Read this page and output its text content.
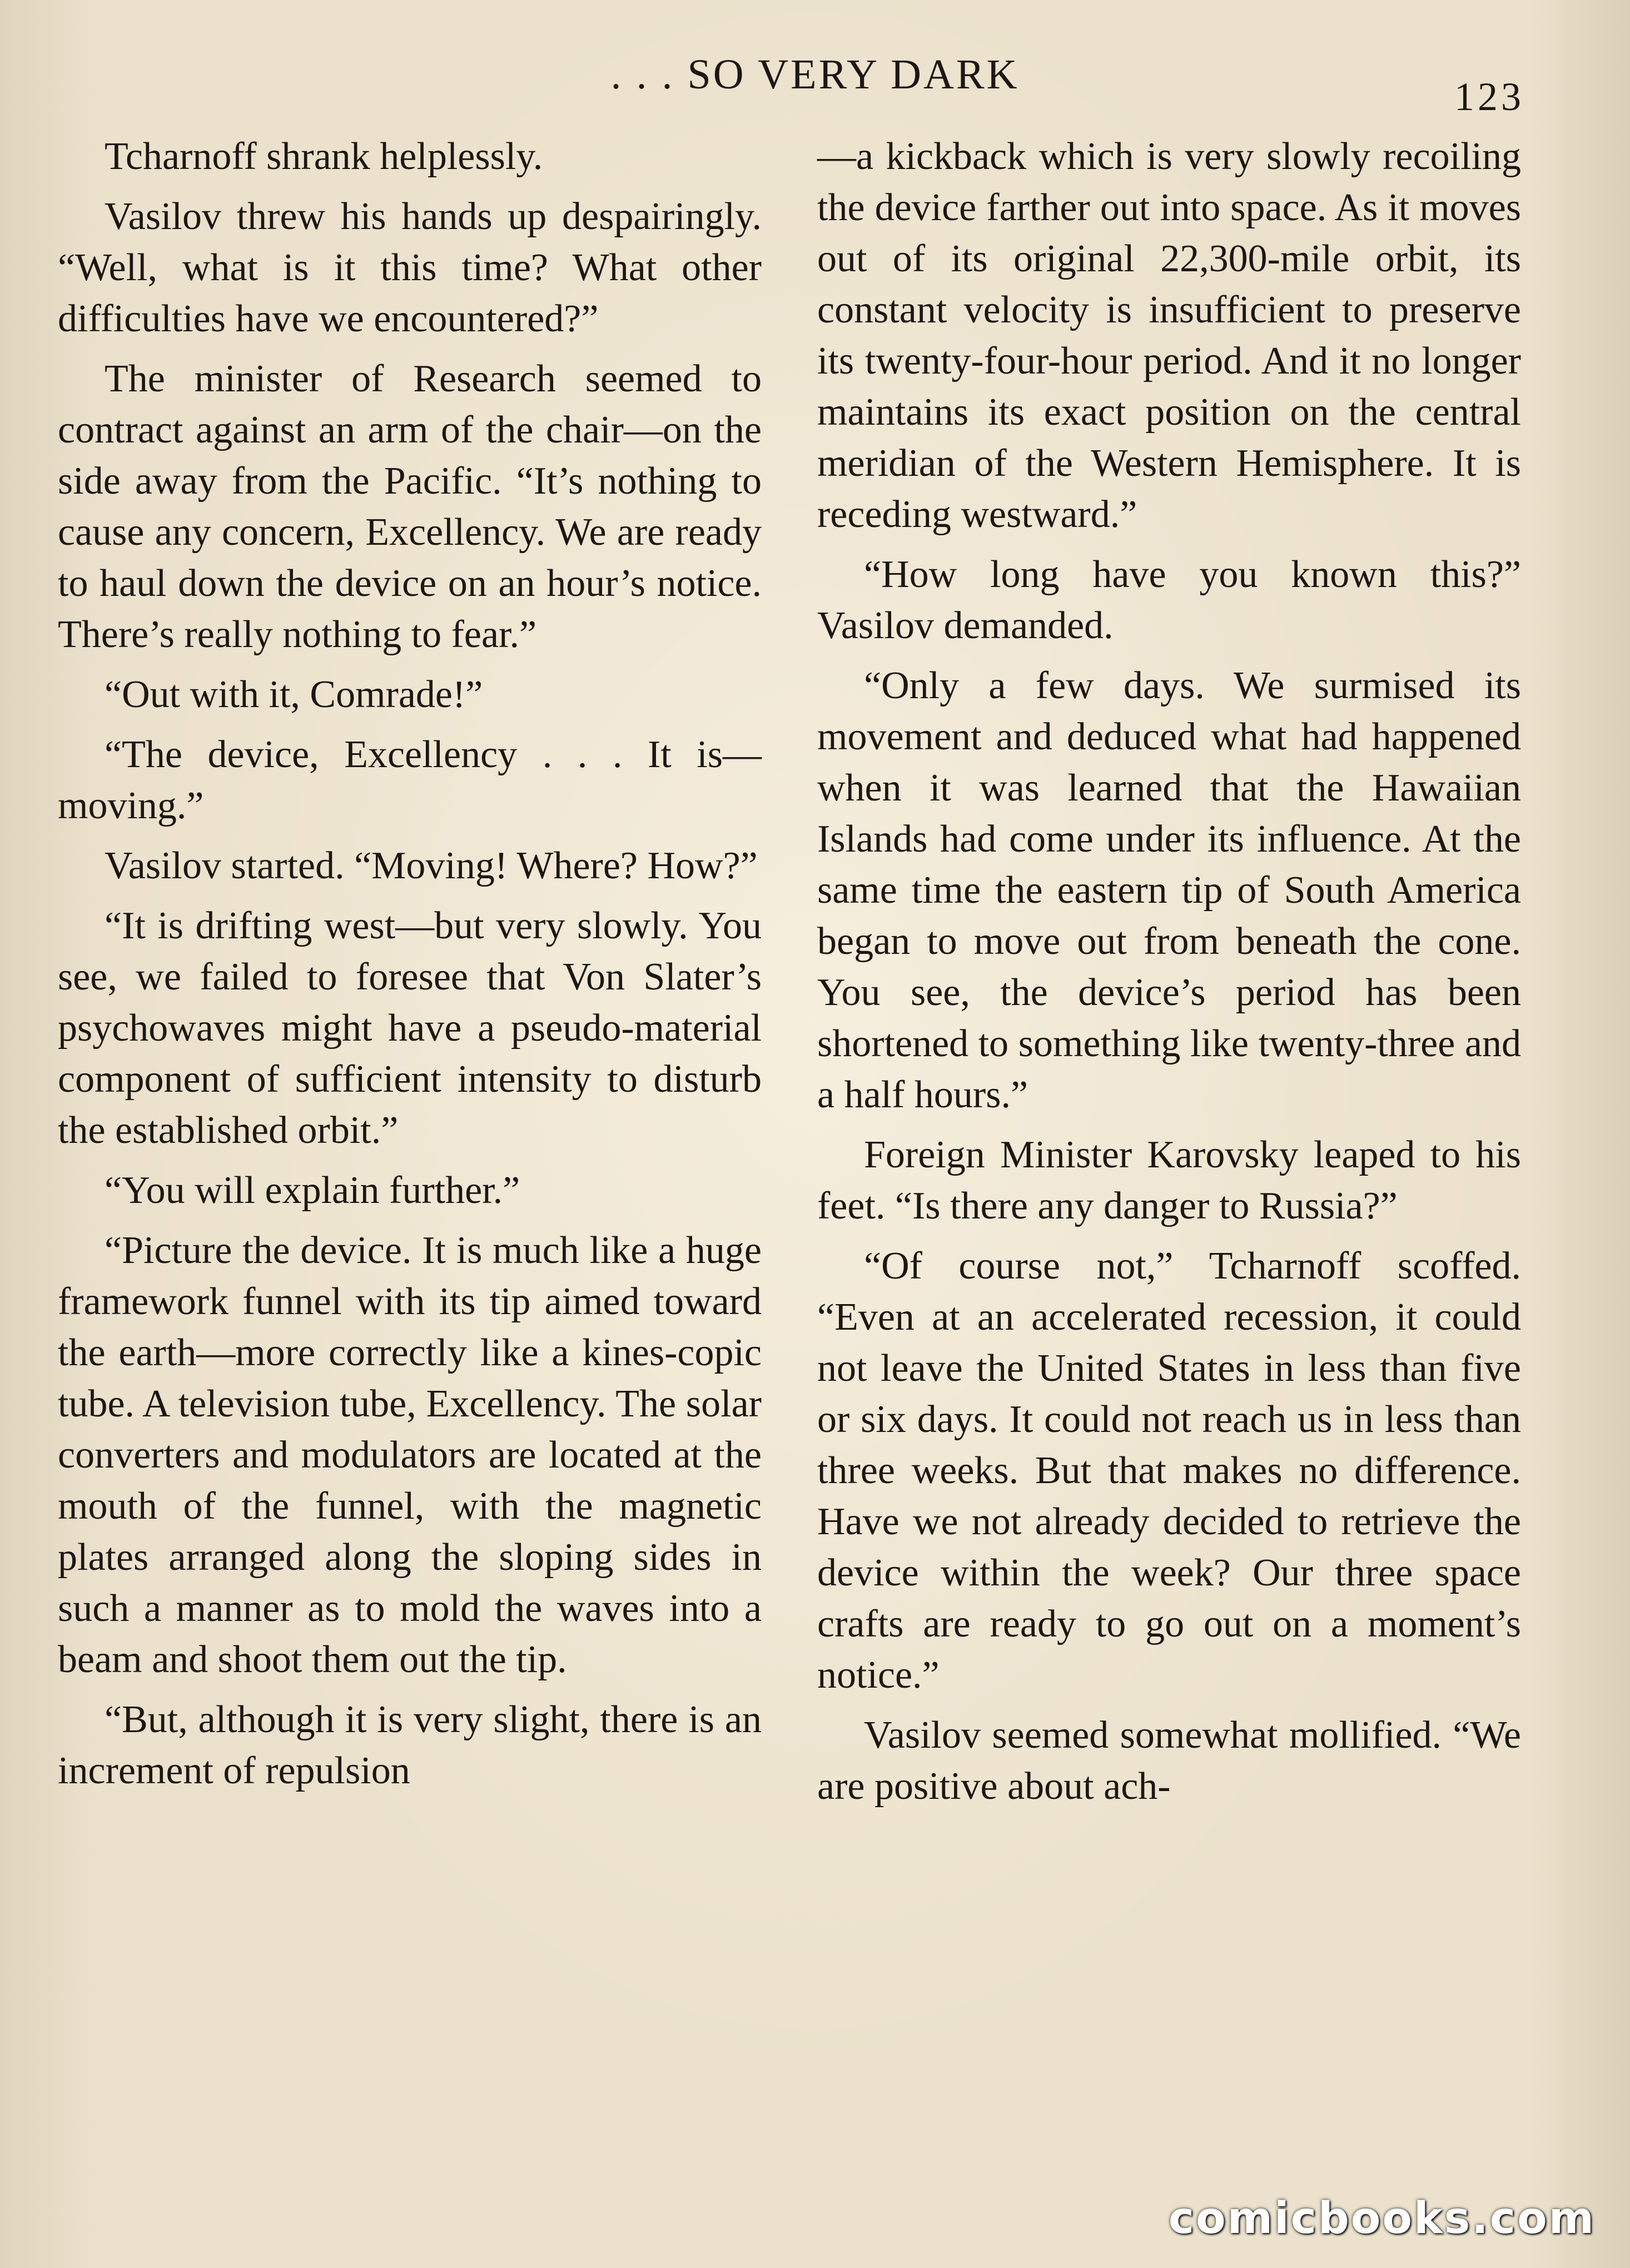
. . . SO VERY DARK	123

Tcharnoff shrank helplessly.

Vasilov threw his hands up despairingly. “Well, what is it this time? What other difficulties have we encountered?”

The minister of Research seemed to contract against an arm of the chair—on the side away from the Pacific. “It’s nothing to cause any concern, Excellency. We are ready to haul down the device on an hour’s notice. There’s really nothing to fear.”

“Out with it, Comrade!”

“The device, Excellency . . . It is—moving.”

Vasilov started. “Moving! Where? How?”

“It is drifting west—but very slowly. You see, we failed to foresee that Von Slater’s psychowaves might have a pseudo-material component of sufficient intensity to disturb the established orbit.”

“You will explain further.”

“Picture the device. It is much like a huge framework funnel with its tip aimed toward the earth—more correctly like a kines-copic tube. A television tube, Excellency. The solar converters and modulators are located at the mouth of the funnel, with the magnetic plates arranged along the sloping sides in such a manner as to mold the waves into a beam and shoot them out the tip.

“But, although it is very slight, there is an increment of repulsion

—a kickback which is very slowly recoiling the device farther out into space. As it moves out of its original 22,300-mile orbit, its constant velocity is insufficient to preserve its twenty-four-hour period. And it no longer maintains its exact position on the central meridian of the Western Hemisphere. It is receding westward.”

“How long have you known this?” Vasilov demanded.

“Only a few days. We surmised its movement and deduced what had happened when it was learned that the Hawaiian Islands had come under its influence. At the same time the eastern tip of South America began to move out from beneath the cone. You see, the device’s period has been shortened to something like twenty-three and a half hours.”

Foreign Minister Karovsky leaped to his feet. “Is there any danger to Russia?”

“Of course not,” Tcharnoff scoffed. “Even at an accelerated recession, it could not leave the United States in less than five or six days. It could not reach us in less than three weeks. But that makes no difference. Have we not already decided to retrieve the device within the week? Our three space crafts are ready to go out on a moment’s notice.”

Vasilov seemed somewhat mollified. “We are positive about ach-

comicbooks.com
